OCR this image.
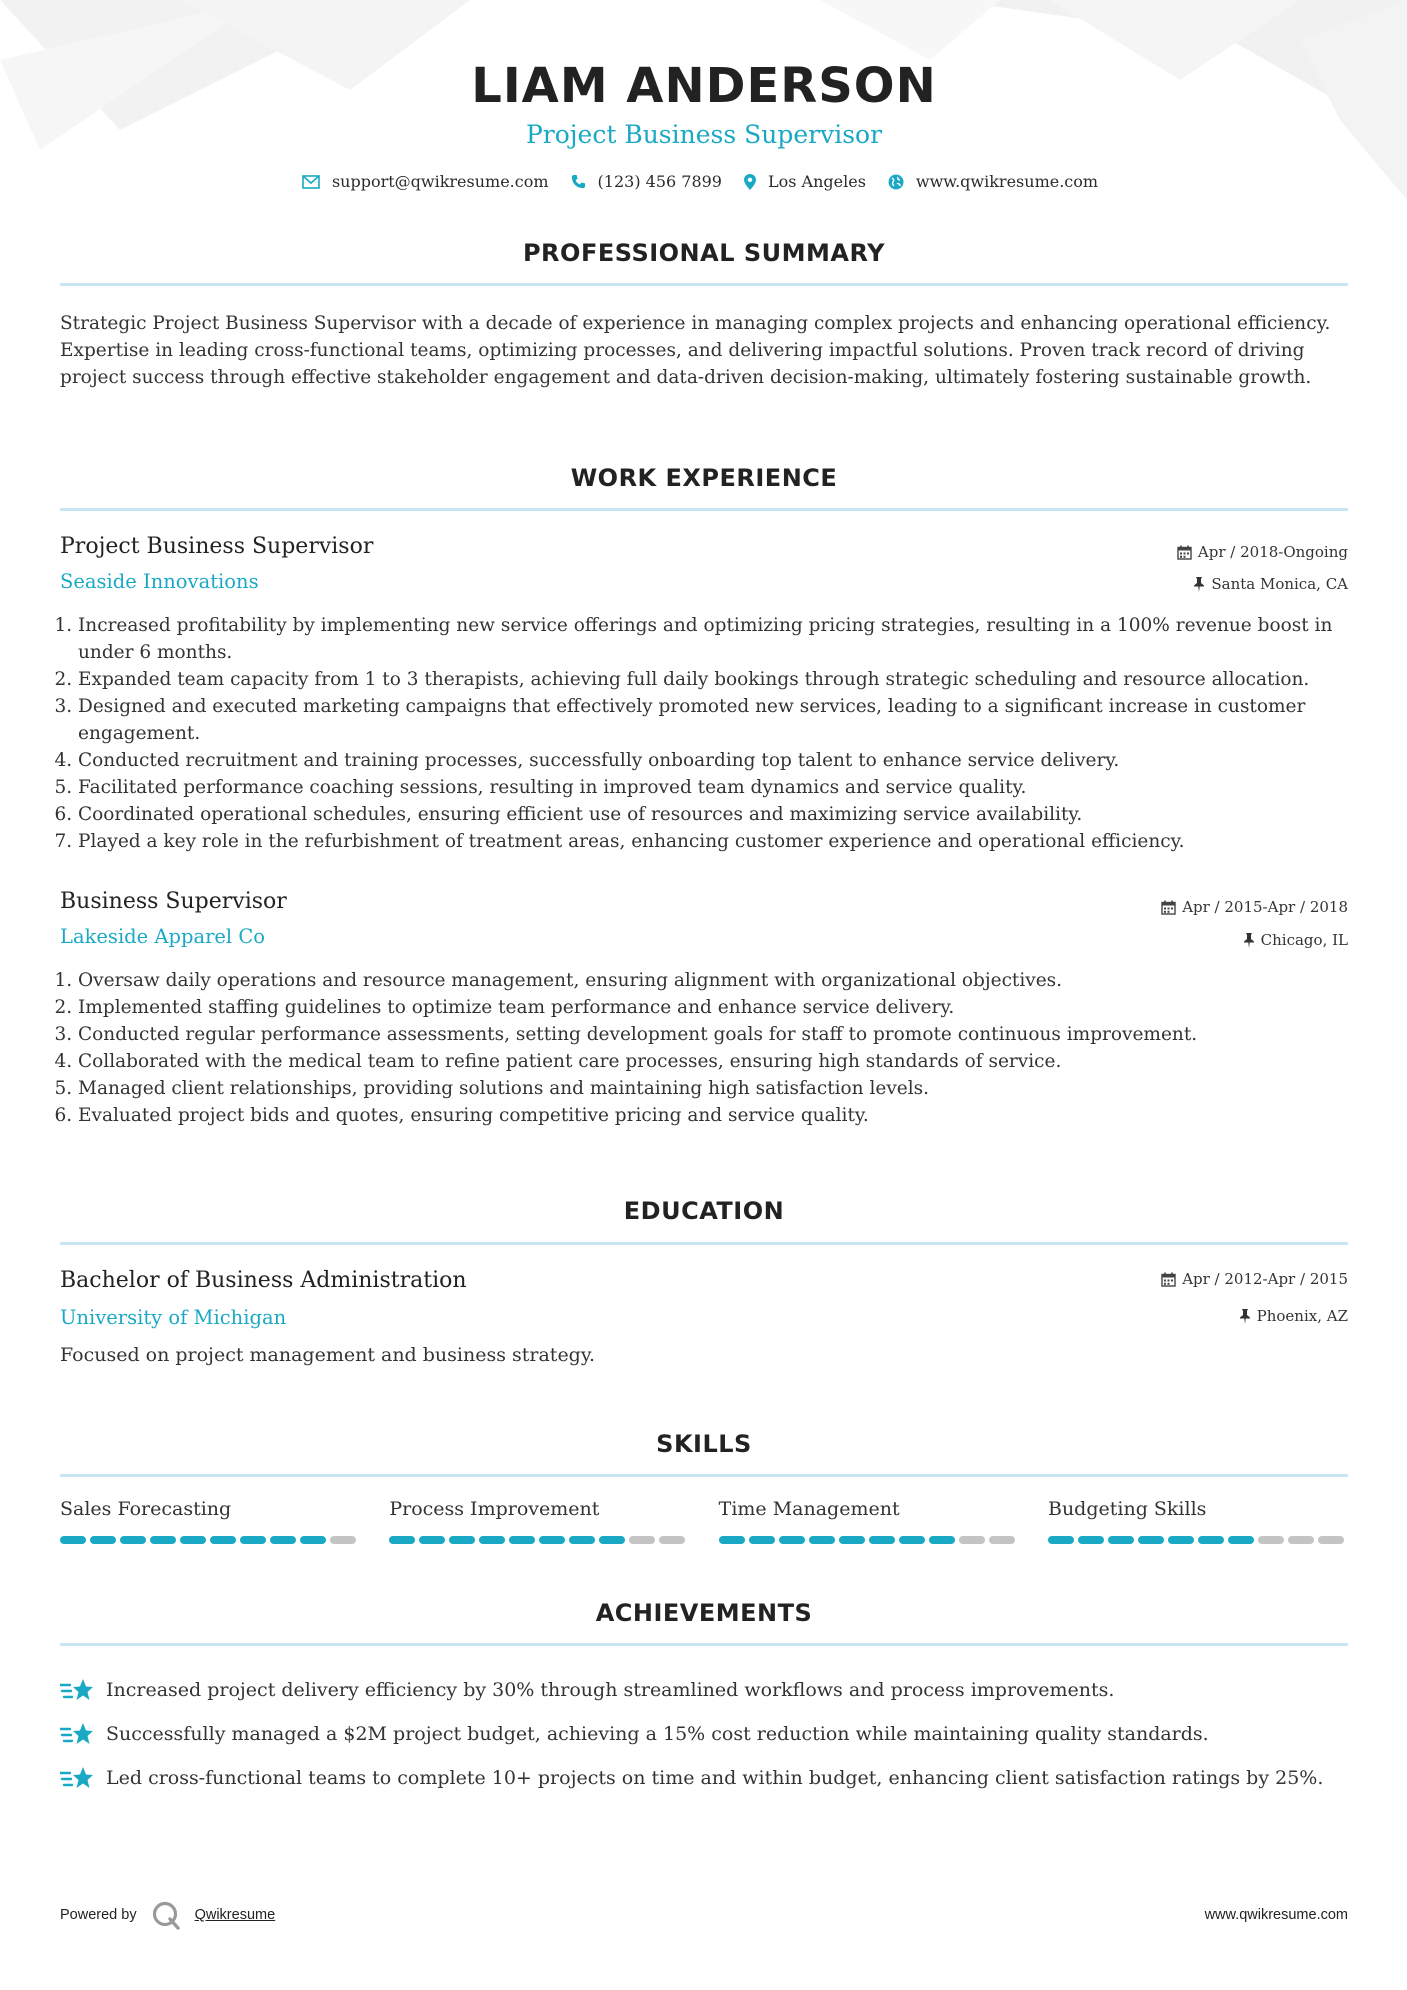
LIAM ANDERSON
Project Business Supervisor
support@qwikresume.com	(123) 456 7899	Los Angeles	www.qwikresume.com
PROFESSIONAL SUMMARY

Strategic Project Business Supervisor with a decade of experience in managing complex projects and enhancing operational efficiency. Expertise in leading cross-functional teams, optimizing processes, and delivering impactful solutions. Proven track record of driving project success through effective stakeholder engagement and data-driven decision-making, ultimately fostering sustainable growth.

WORK EXPERIENCE
Project Business Supervisor
Seaside Innovations
Apr / 2018-Ongoing
Santa Monica, CA
1. Increased profitability by implementing new service offerings and optimizing pricing strategies, resulting in a 100% revenue boost in under 6 months.
2. Expanded team capacity from 1 to 3 therapists, achieving full daily bookings through strategic scheduling and resource allocation.
3. Designed and executed marketing campaigns that effectively promoted new services, leading to a significant increase in customer engagement.
4. Conducted recruitment and training processes, successfully onboarding top talent to enhance service delivery.
5. Facilitated performance coaching sessions, resulting in improved team dynamics and service quality.
6. Coordinated operational schedules, ensuring efficient use of resources and maximizing service availability.
7. Played a key role in the refurbishment of treatment areas, enhancing customer experience and operational efficiency.
Business Supervisor
Lakeside Apparel Co
Apr / 2015-Apr / 2018
Chicago, IL
1. Oversaw daily operations and resource management, ensuring alignment with organizational objectives.
2. Implemented staffing guidelines to optimize team performance and enhance service delivery.
3. Conducted regular performance assessments, setting development goals for staff to promote continuous improvement.
4. Collaborated with the medical team to refine patient care processes, ensuring high standards of service.
5. Managed client relationships, providing solutions and maintaining high satisfaction levels.
6. Evaluated project bids and quotes, ensuring competitive pricing and service quality.
EDUCATION
Bachelor of Business Administration
University of Michigan
Apr / 2012-Apr / 2015
Phoenix, AZ
Focused on project management and business strategy.
SKILLS
Sales Forecasting	Process Improvement	Time Management	Budgeting Skills
ACHIEVEMENTS
Increased project delivery efficiency by 30% through streamlined workflows and process improvements.
Successfully managed a $2M project budget, achieving a 15% cost reduction while maintaining quality standards.
Led cross-functional teams to complete 10+ projects on time and within budget, enhancing client satisfaction ratings by 25%.
Powered by	Qwikresume	www.qwikresume.com
